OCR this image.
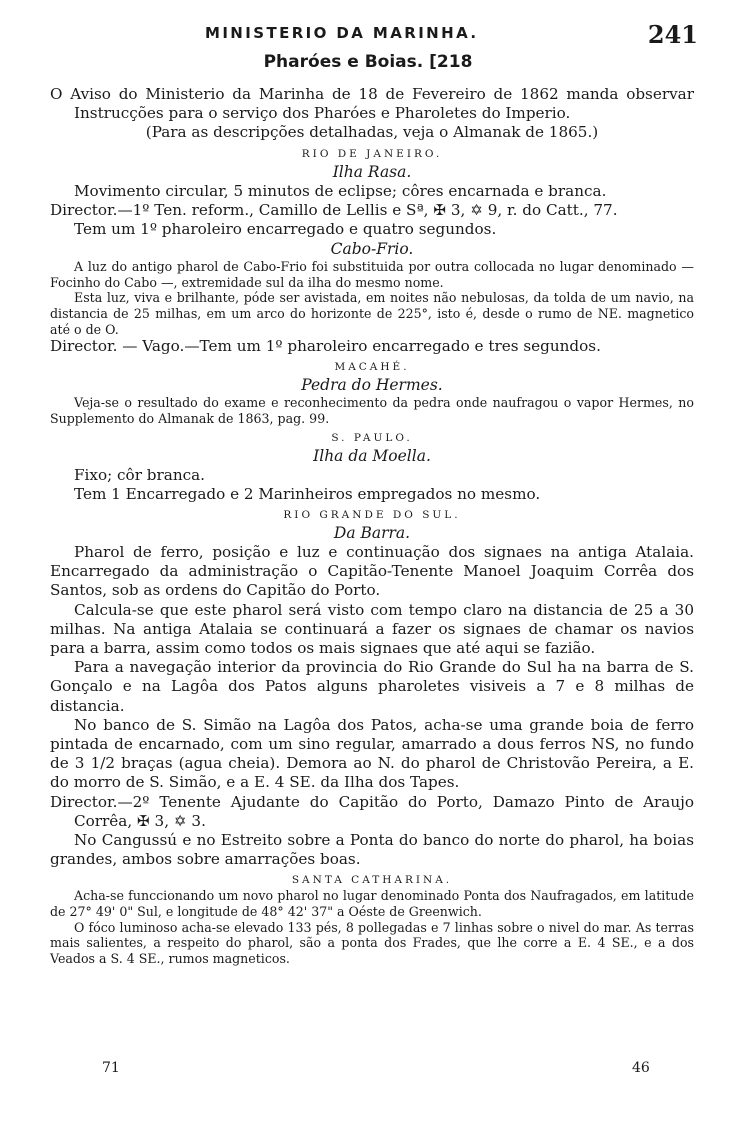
MINISTERIO DA MARINHA.	241
Pharóes e Boias. [218

O Aviso do Ministerio da Marinha de 18 de Fevereiro de 1862 manda observar Instrucções para o serviço dos Pharóes e Pharoletes do Imperio.

(Para as descripções detalhadas, veja o Almanak de 1865.)

RIO DE JANEIRO.

Ilha Rasa.

Movimento circular, 5 minutos de eclipse; côres encarnada e branca.

Director.—1º Ten. reform., Camillo de Lellis e Sª, ✠ 3, ✡ 9, r. do Catt., 77.

Tem um 1º pharoleiro encarregado e quatro segundos.

Cabo-Frio.

A luz do antigo pharol de Cabo-Frio foi substituida por outra collocada no lugar denominado — Focinho do Cabo —, extremidade sul da ilha do mesmo nome.

Esta luz, viva e brilhante, póde ser avistada, em noites não nebulosas, da tolda de um navio, na distancia de 25 milhas, em um arco do horizonte de 225°, isto é, desde o rumo de NE. magnetico até o de O.

Director. — Vago.—Tem um 1º pharoleiro encarregado e tres segundos.

MACAHÉ.

Pedra do Hermes.

Veja-se o resultado do exame e reconhecimento da pedra onde naufragou o vapor Hermes, no Supplemento do Almanak de 1863, pag. 99.

S. PAULO.

Ilha da Moella.

Fixo; côr branca.

Tem 1 Encarregado e 2 Marinheiros empregados no mesmo.

RIO GRANDE DO SUL.

Da Barra.

Pharol de ferro, posição e luz e continuação dos signaes na antiga Atalaia. Encarregado da administração o Capitão-Tenente Manoel Joaquim Corrêa dos Santos, sob as ordens do Capitão do Porto.

Calcula-se que este pharol será visto com tempo claro na distancia de 25 a 30 milhas. Na antiga Atalaia se continuará a fazer os signaes de chamar os navios para a barra, assim como todos os mais signaes que até aqui se fazião.

Para a navegação interior da provincia do Rio Grande do Sul ha na barra de S. Gonçalo e na Lagôa dos Patos alguns pharoletes visiveis a 7 e 8 milhas de distancia.

No banco de S. Simão na Lagôa dos Patos, acha-se uma grande boia de ferro pintada de encarnado, com um sino regular, amarrado a dous ferros NS, no fundo de 3 1/2 braças (agua cheia). Demora ao N. do pharol de Christovão Pereira, a E. do morro de S. Simão, e a E. 4 SE. da Ilha dos Tapes.

Director.—2º Tenente Ajudante do Capitão do Porto, Damazo Pinto de Araujo Corrêa, ✠ 3, ✡ 3.

No Cangussú e no Estreito sobre a Ponta do banco do norte do pharol, ha boias grandes, ambos sobre amarrações boas.

SANTA CATHARINA.

Acha-se funccionando um novo pharol no lugar denominado Ponta dos Naufragados, em latitude de 27° 49' 0" Sul, e longitude de 48° 42' 37" a Oéste de Greenwich.

O fóco luminoso acha-se elevado 133 pés, 8 pollegadas e 7 linhas sobre o nivel do mar. As terras mais salientes, a respeito do pharol, são a ponta dos Frades, que lhe corre a E. 4 SE., e a dos Veados a S. 4 SE., rumos magneticos.

71	46
